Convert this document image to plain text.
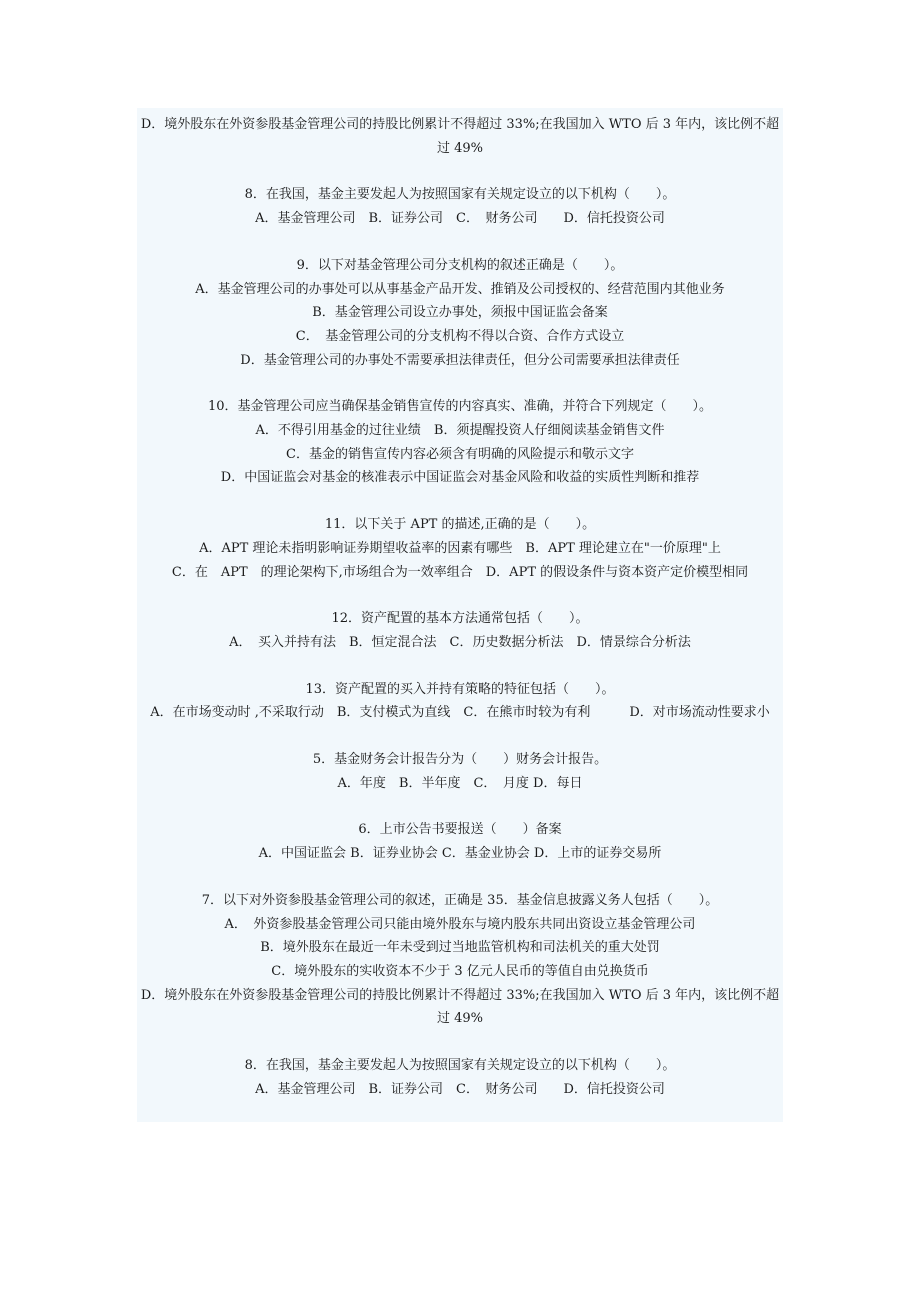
D．境外股东在外资参股基金管理公司的持股比例累计不得超过 33%;在我国加入 WTO 后 3 年内，该比例不超过 49%
8．在我国，基金主要发起人为按照国家有关规定设立的以下机构（　　）。
A．基金管理公司　B．证券公司　C．　财务公司　　D．信托投资公司
9．以下对基金管理公司分支机构的叙述正确是（　　）。
A．基金管理公司的办事处可以从事基金产品开发、推销及公司授权的、经营范围内其他业务
B．基金管理公司设立办事处，须报中国证监会备案
C．　基金管理公司的分支机构不得以合资、合作方式设立
D．基金管理公司的办事处不需要承担法律责任，但分公司需要承担法律责任
10．基金管理公司应当确保基金销售宣传的内容真实、准确，并符合下列规定（　　）。
A．不得引用基金的过往业绩　B．须提醒投资人仔细阅读基金销售文件
C．基金的销售宣传内容必须含有明确的风险提示和敬示文字
D．中国证监会对基金的核准表示中国证监会对基金风险和收益的实质性判断和推荐
11．以下关于 APT 的描述,正确的是（　　）。
A．APT 理论未指明影响证券期望收益率的因素有哪些　B．APT 理论建立在"一价原理"上
C．在　APT　的理论架构下,市场组合为一效率组合　D．APT 的假设条件与资本资产定价模型相同
12．资产配置的基本方法通常包括（　　）。
A．　买入并持有法　B．恒定混合法　C．历史数据分析法　D．情景综合分析法
13．资产配置的买入并持有策略的特征包括（　　）。
A．在市场变动时 ,不采取行动　B．支付模式为直线　C．在熊市时较为有利　　　D．对市场流动性要求小
5．基金财务会计报告分为（　　）财务会计报告。
A．年度　B．半年度　C．　月度 D．每日
6．上市公告书要报送（　　）备案
A．中国证监会 B．证券业协会 C．基金业协会 D．上市的证券交易所
7．以下对外资参股基金管理公司的叙述，正确是 35．基金信息披露义务人包括（　　）。
A．　外资参股基金管理公司只能由境外股东与境内股东共同出资设立基金管理公司
B．境外股东在最近一年未受到过当地监管机构和司法机关的重大处罚
C．境外股东的实收资本不少于 3 亿元人民币的等值自由兑换货币
D．境外股东在外资参股基金管理公司的持股比例累计不得超过 33%;在我国加入 WTO 后 3 年内，该比例不超过 49%
8．在我国，基金主要发起人为按照国家有关规定设立的以下机构（　　）。
A．基金管理公司　B．证券公司　C．　财务公司　　D．信托投资公司
